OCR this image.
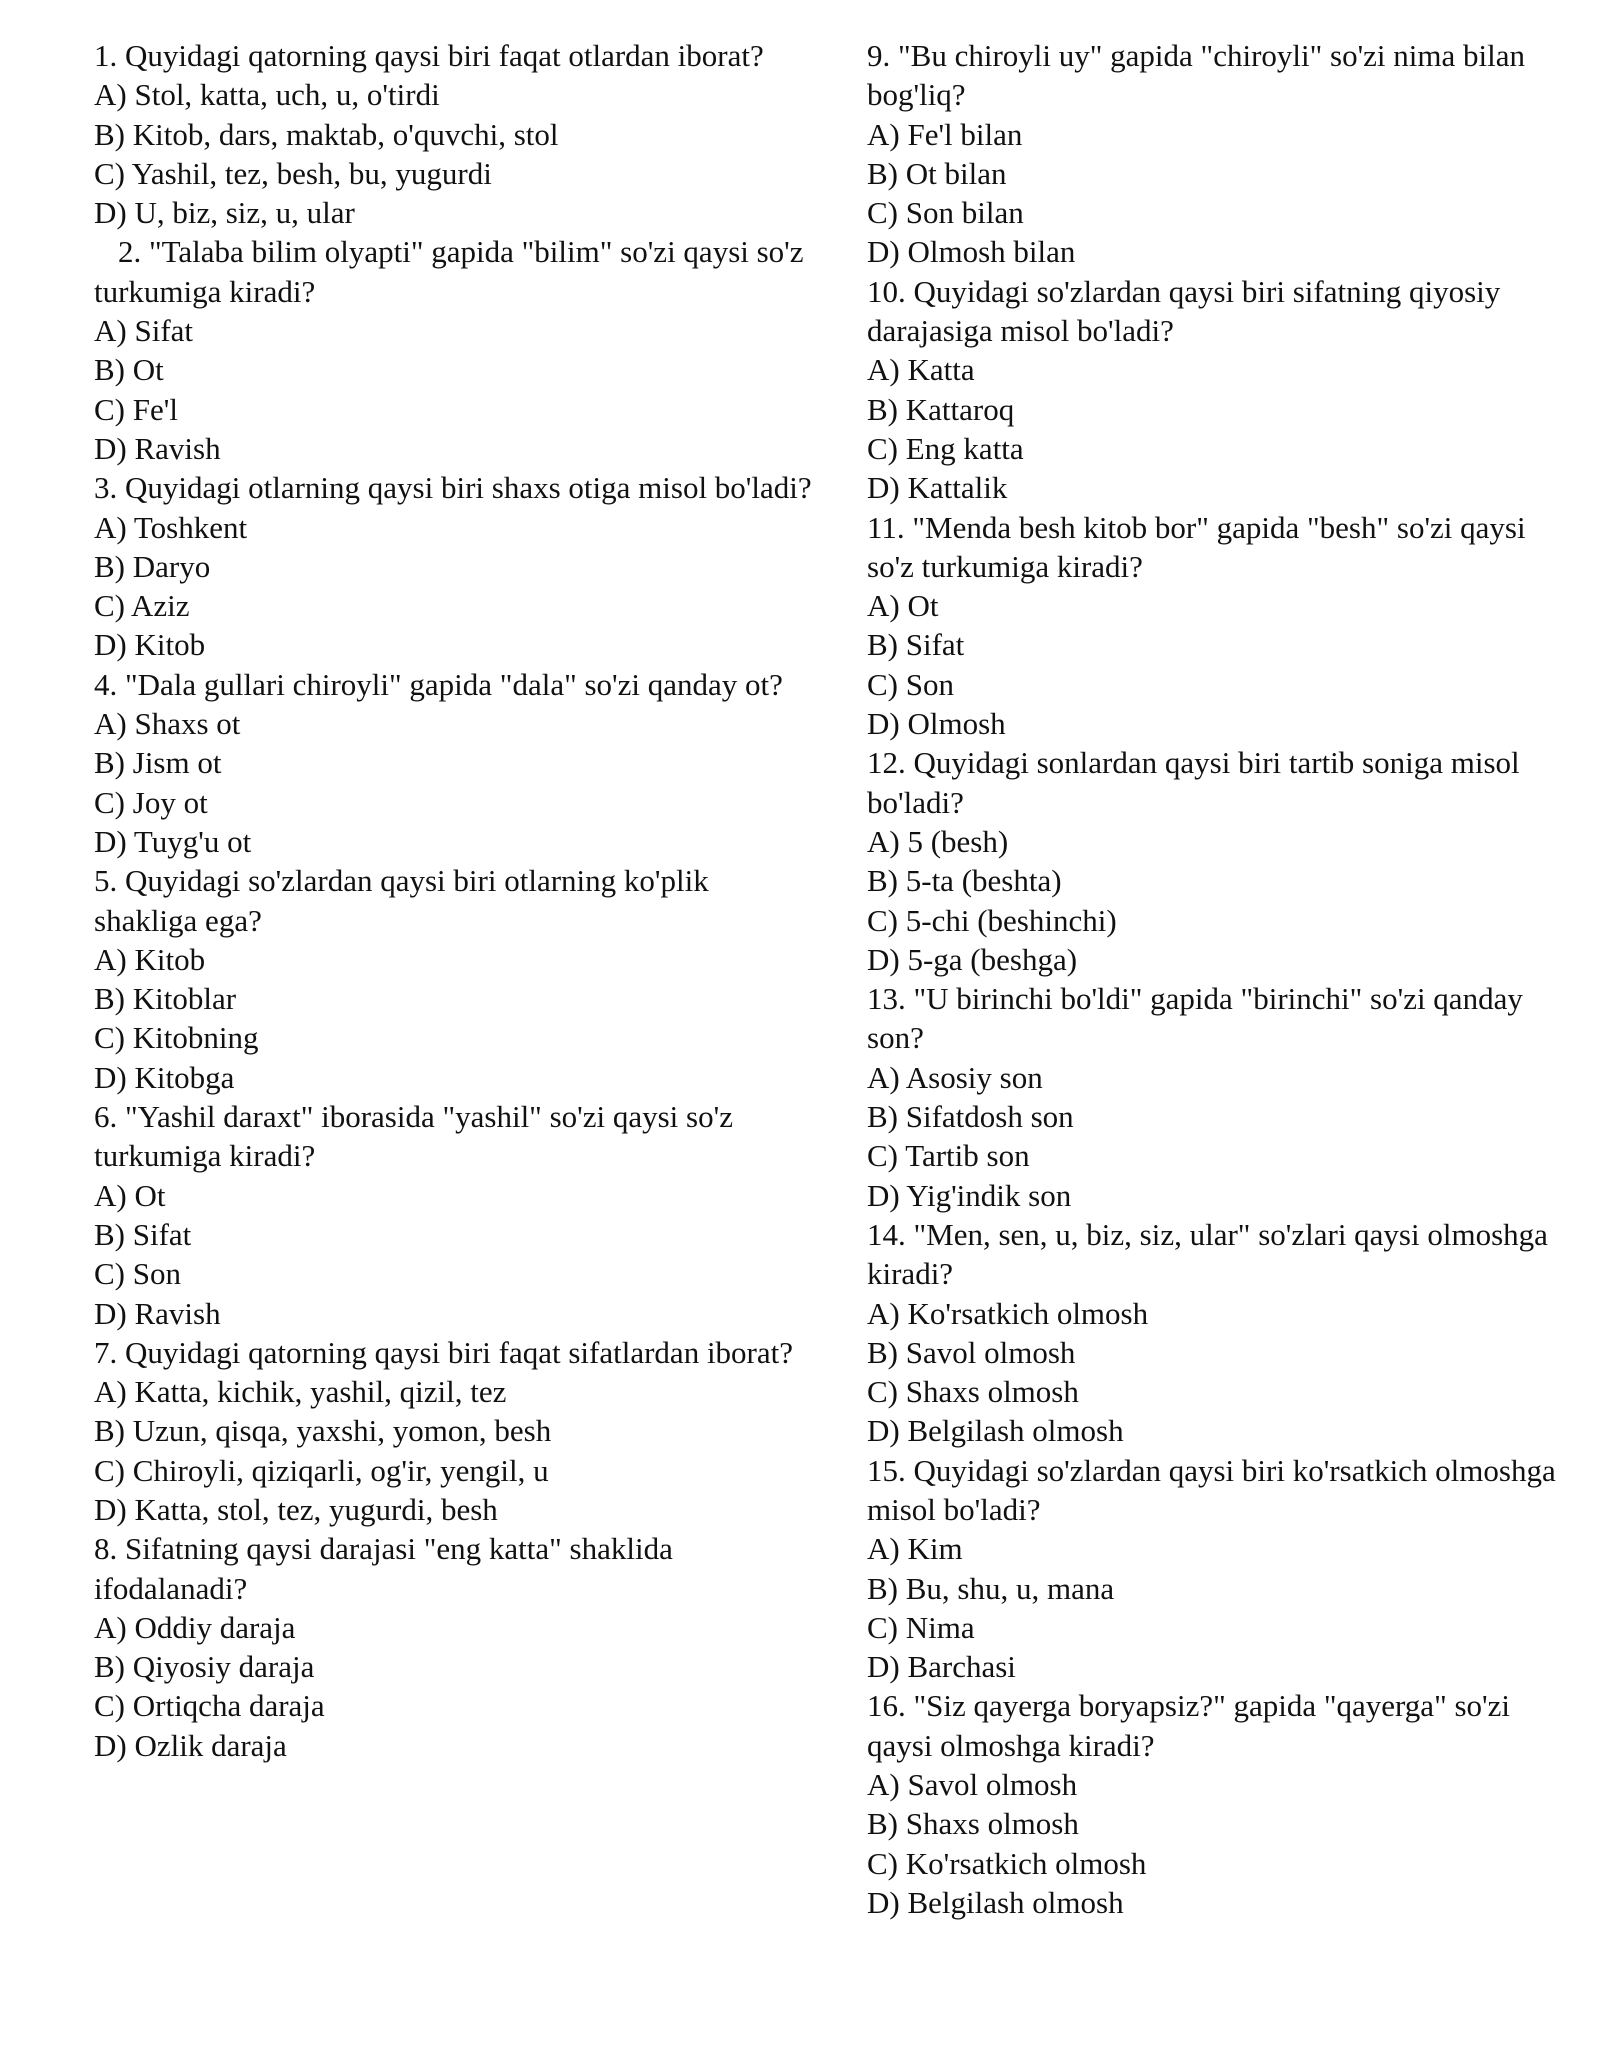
1. Quyidagi qatorning qaysi biri faqat otlardan iborat?
A) Stol, katta, uch, u, o'tirdi
B) Kitob, dars, maktab, o'quvchi, stol
C) Yashil, tez, besh, bu, yugurdi
D) U, biz, siz, u, ular
2. "Talaba bilim olyapti" gapida "bilim" so'zi qaysi so'z turkumiga kiradi?
A) Sifat
B) Ot
C) Fe'l
D) Ravish
3. Quyidagi otlarning qaysi biri shaxs otiga misol bo'ladi?
A) Toshkent
B) Daryo
C) Aziz
D) Kitob
4. "Dala gullari chiroyli" gapida "dala" so'zi qanday ot?
A) Shaxs ot
B) Jism ot
C) Joy ot
D) Tuyg'u ot
5. Quyidagi so'zlardan qaysi biri otlarning ko'plik shakliga ega?
A) Kitob
B) Kitoblar
C) Kitobning
D) Kitobga
6. "Yashil daraxt" iborasida "yashil" so'zi qaysi so'z turkumiga kiradi?
A) Ot
B) Sifat
C) Son
D) Ravish
7. Quyidagi qatorning qaysi biri faqat sifatlardan iborat?
A) Katta, kichik, yashil, qizil, tez
B) Uzun, qisqa, yaxshi, yomon, besh
C) Chiroyli, qiziqarli, og'ir, yengil, u
D) Katta, stol, tez, yugurdi, besh
8. Sifatning qaysi darajasi "eng katta" shaklida ifodalanadi?
A) Oddiy daraja
B) Qiyosiy daraja
C) Ortiqcha daraja
D) Ozlik daraja
9. "Bu chiroyli uy" gapida "chiroyli" so'zi nima bilan bog'liq?
A) Fe'l bilan
B) Ot bilan
C) Son bilan
D) Olmosh bilan
10. Quyidagi so'zlardan qaysi biri sifatning qiyosiy darajasiga misol bo'ladi?
A) Katta
B) Kattaroq
C) Eng katta
D) Kattalik
11. "Menda besh kitob bor" gapida "besh" so'zi qaysi so'z turkumiga kiradi?
A) Ot
B) Sifat
C) Son
D) Olmosh
12. Quyidagi sonlardan qaysi biri tartib soniga misol bo'ladi?
A) 5 (besh)
B) 5-ta (beshta)
C) 5-chi (beshinchi)
D) 5-ga (beshga)
13. "U birinchi bo'ldi" gapida "birinchi" so'zi qanday son?
A) Asosiy son
B) Sifatdosh son
C) Tartib son
D) Yig'indik son
14. "Men, sen, u, biz, siz, ular" so'zlari qaysi olmoshga kiradi?
A) Ko'rsatkich olmosh
B) Savol olmosh
C) Shaxs olmosh
D) Belgilash olmosh
15. Quyidagi so'zlardan qaysi biri ko'rsatkich olmoshga misol bo'ladi?
A) Kim
B) Bu, shu, u, mana
C) Nima
D) Barchasi
16. "Siz qayerga boryapsiz?" gapida "qayerga" so'zi qaysi olmoshga kiradi?
A) Savol olmosh
B) Shaxs olmosh
C) Ko'rsatkich olmosh
D) Belgilash olmosh
